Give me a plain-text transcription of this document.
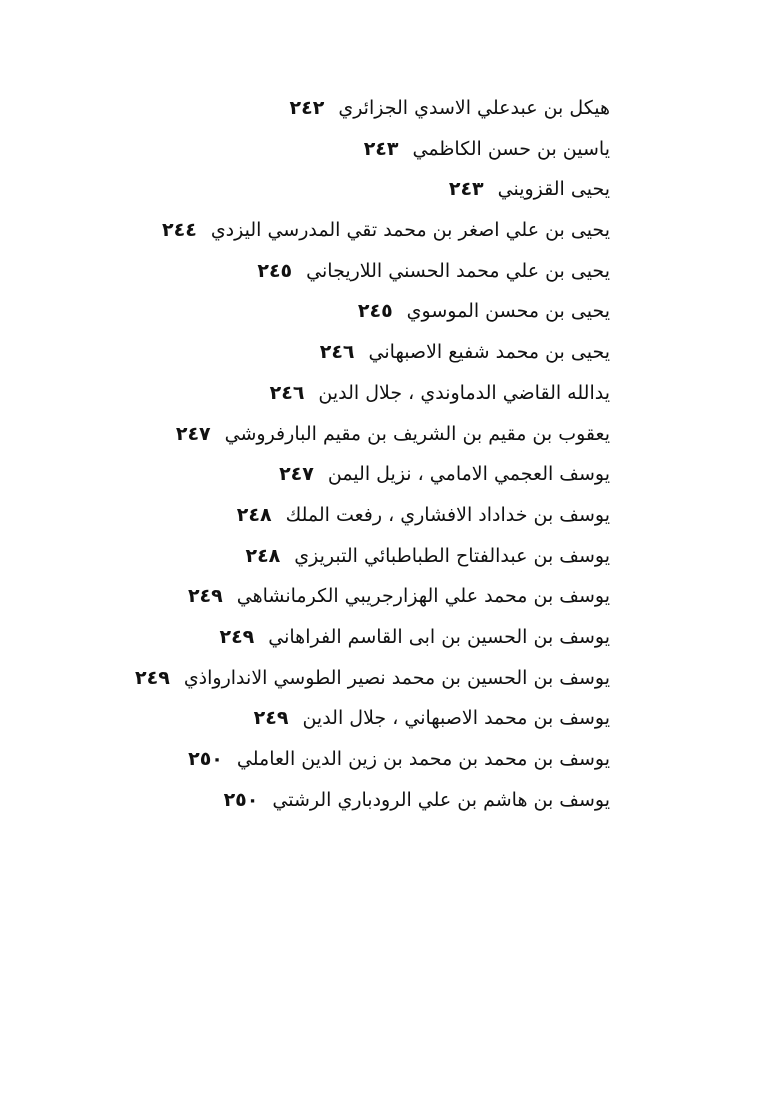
هيكل بن عبدعلي الاسدي الجزائري٢٤٢
ياسين بن حسن الكاظمي٢٤٣
يحيى القزويني٢٤٣
يحيى بن علي اصغر بن محمد تقي المدرسي اليزدي٢٤٤
يحيى بن علي محمد الحسني اللاريجاني٢٤٥
يحيى بن محسن الموسوي٢٤٥
يحيى بن محمد شفيع الاصبهاني٢٤٦
يدالله القاضي الدماوندي ، جلال الدين٢٤٦
يعقوب بن مقيم بن الشريف بن مقيم البارفروشي٢٤٧
يوسف العجمي الامامي ، نزيل اليمن٢٤٧
يوسف بن خداداد الافشاري ، رفعت الملك٢٤٨
يوسف بن عبدالفتاح الطباطبائي التبريزي٢٤٨
يوسف بن محمد علي الهزارجريبي الكرمانشاهي٢٤٩
يوسف بن الحسين بن ابى القاسم الفراهاني٢٤٩
يوسف بن الحسين بن محمد نصير الطوسي الاندارواذي٢٤٩
يوسف بن محمد الاصبهاني ، جلال الدين٢٤٩
يوسف بن محمد بن محمد بن زين الدين العاملي٢٥٠
يوسف بن هاشم بن علي الرودباري الرشتي٢٥٠
